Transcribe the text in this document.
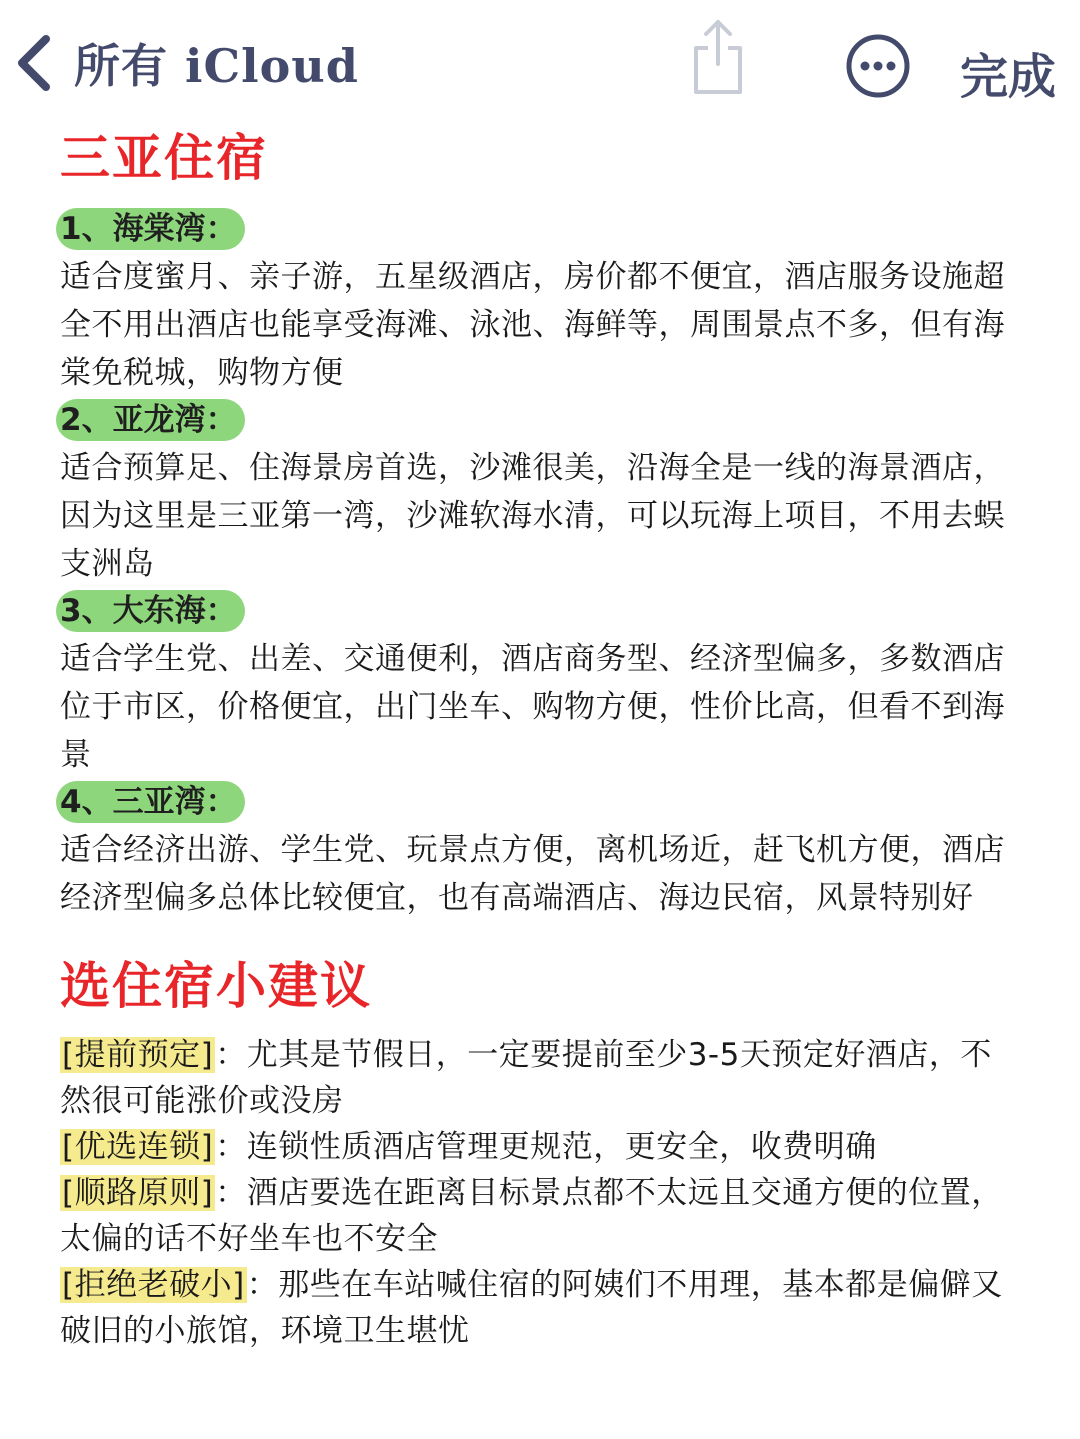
所有 iCloud	完成
三亚住宿
1、海棠湾：

适合度蜜月、亲子游，五星级酒店，房价都不便宜，酒店服务设施超全不用出酒店也能享受海滩、泳池、海鲜等，周围景点不多，但有海棠免税城，购物方便

2、亚龙湾：

适合预算足、住海景房首选，沙滩很美，沿海全是一线的海景酒店，因为这里是三亚第一湾，沙滩软海水清，可以玩海上项目，不用去蜈支洲岛

3、大东海：

适合学生党、出差、交通便利，酒店商务型、经济型偏多，多数酒店位于市区，价格便宜，出门坐车、购物方便，性价比高，但看不到海景

4、三亚湾：

适合经济出游、学生党、玩景点方便，离机场近，赶飞机方便，酒店经济型偏多总体比较便宜，也有高端酒店、海边民宿，风景特别好

选住宿小建议

[提前预定]：尤其是节假日，一定要提前至少3-5天预定好酒店，不然很可能涨价或没房

[优选连锁]：连锁性质酒店管理更规范，更安全，收费明确

[顺路原则]：酒店要选在距离目标景点都不太远且交通方便的位置，太偏的话不好坐车也不安全

[拒绝老破小]：那些在车站喊住宿的阿姨们不用理，基本都是偏僻又破旧的小旅馆，环境卫生堪忧
